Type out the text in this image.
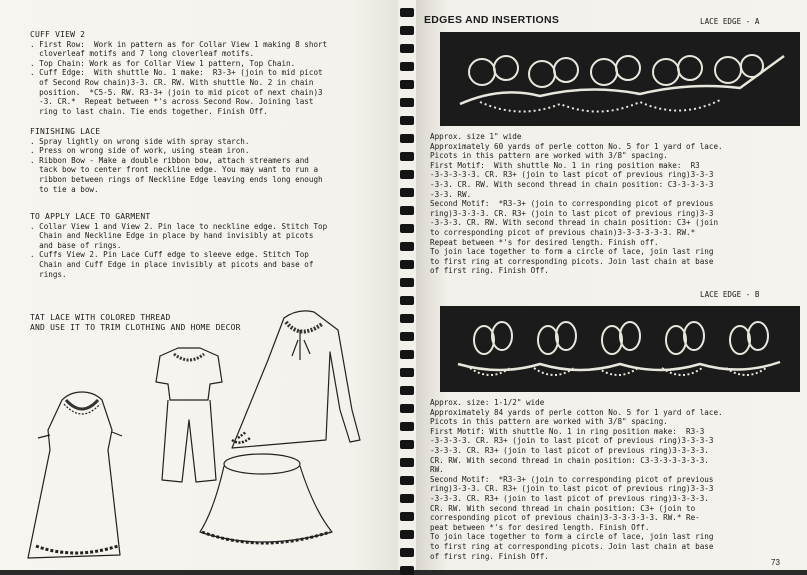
CUFF VIEW 2

. First Row:  Work in pattern as for Collar View 1 making 8 short

cloverleaf motifs and 7 long cloverleaf motifs.

. Top Chain: Work as for Collar View 1 pattern, Top Chain.

. Cuff Edge:  With shuttle No. 1 make:  R3-3+ (join to mid picot

of Second Row chain)3-3. CR. RW. With shuttle No. 2 in chain

position.  *C5-5. RW. R3-3+ (join to mid picot of next chain)3

-3. CR.*  Repeat between *'s across Second Row. Joining last

ring to last chain. Tie ends together. Finish Off.

FINISHING LACE

. Spray lightly on wrong side with spray starch.

. Press on wrong side of work, using steam iron.

. Ribbon Bow - Make a double ribbon bow, attach streamers and

tack bow to center front neckline edge. You may want to run a

ribbon between rings of Neckline Edge leaving ends long enough

to tie a bow.

TO APPLY LACE TO GARMENT

. Collar View 1 and View 2. Pin lace to neckline edge. Stitch Top

Chain and Neckline Edge in place by hand invisibly at picots

and base of rings.

. Cuffs View 2. Pin Lace Cuff edge to sleeve edge. Stitch Top

Chain and Cuff Edge in place invisibly at picots and base of

rings.

TAT LACE WITH COLORED THREAD

AND USE IT TO TRIM CLOTHING AND HOME DECOR

EDGES AND INSERTIONS	LACE EDGE - A

Approx. size 1" wide

Approximately 60 yards of perle cotton No. 5 for 1 yard of lace.

Picots in this pattern are worked with 3/8" spacing.

First Motif:  With shuttle No. 1 in ring position make:  R3

-3-3-3-3-3. CR. R3+ (join to last picot of previous ring)3-3-3

-3-3. CR. RW. With second thread in chain position: C3-3-3-3-3

-3-3. RW.

Second Motif:  *R3-3+ (join to corresponding picot of previous

ring)3-3-3-3. CR. R3+ (join to last picot of previous ring)3-3

-3-3-3. CR. RW. With second thread in chain position: C3+ (join

to corresponding picot of previous chain)3-3-3-3-3-3. RW.*

Repeat between *'s for desired length. Finish off.

To join lace together to form a circle of lace, join last ring

to first ring at corresponding picots. Join last chain at base

of first ring. Finish Off.

LACE EDGE - B

Approx. size: 1-1/2" wide

Approximately 84 yards of perle cotton No. 5 for 1 yard of lace.

Picots in this pattern are worked with 3/8" spacing.

First Motif: With shuttle No. 1 in ring position make:  R3-3

-3-3-3-3. CR. R3+ (join to last picot of previous ring)3-3-3-3

-3-3-3. CR. R3+ (join to last picot of previous ring)3-3-3-3.

CR. RW. With second thread in chain position: C3-3-3-3-3-3-3.

RW.

Second Motif:  *R3-3+ (join to corresponding picot of previous

ring)3-3-3. CR. R3+ (join to last picot of previous ring)3-3-3

-3-3-3. CR. R3+ (join to last picot of previous ring)3-3-3-3.

CR. RW. With second thread in chain position: C3+ (join to

corresponding picot of previous chain)3-3-3-3-3-3. RW.* Re-

peat between *'s for desired length. Finish Off.

To join lace together to form a circle of lace, join last ring

to first ring at corresponding picots. Join last chain at base

of first ring. Finish Off.

73
